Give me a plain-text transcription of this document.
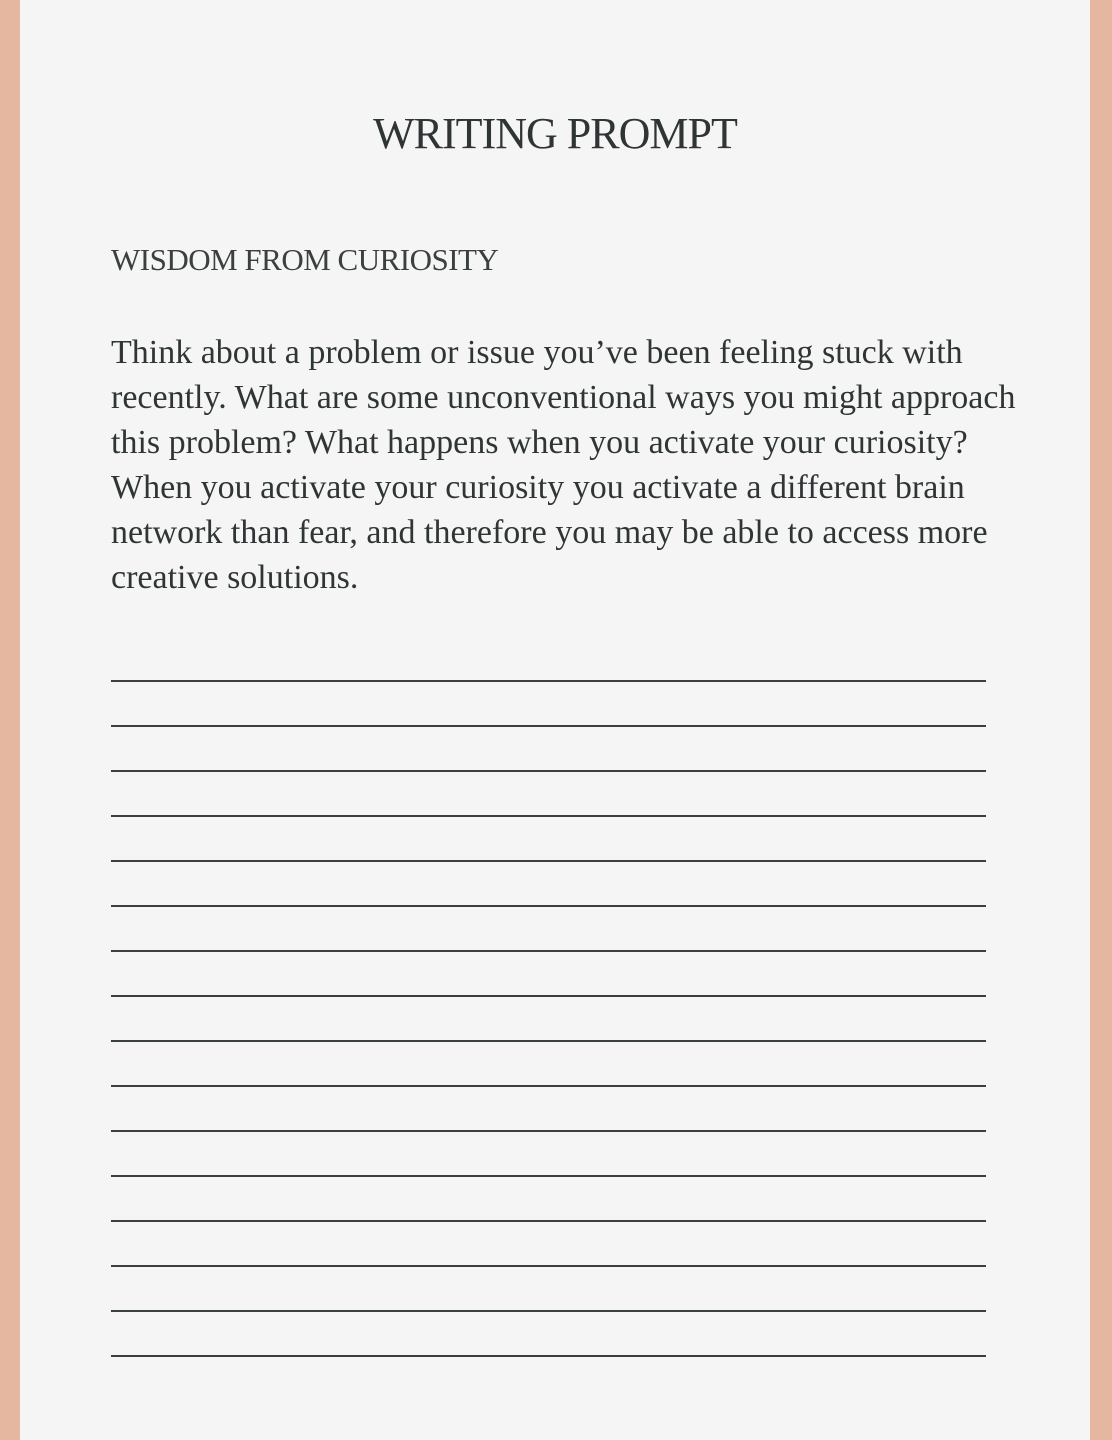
WRITING PROMPT
WISDOM FROM CURIOSITY

Think about a problem or issue you’ve been feeling stuck with recently. What are some unconventional ways you might approach this problem? What happens when you activate your curiosity? When you activate your curiosity you activate a different brain network than fear, and therefore you may be able to access more creative solutions.
